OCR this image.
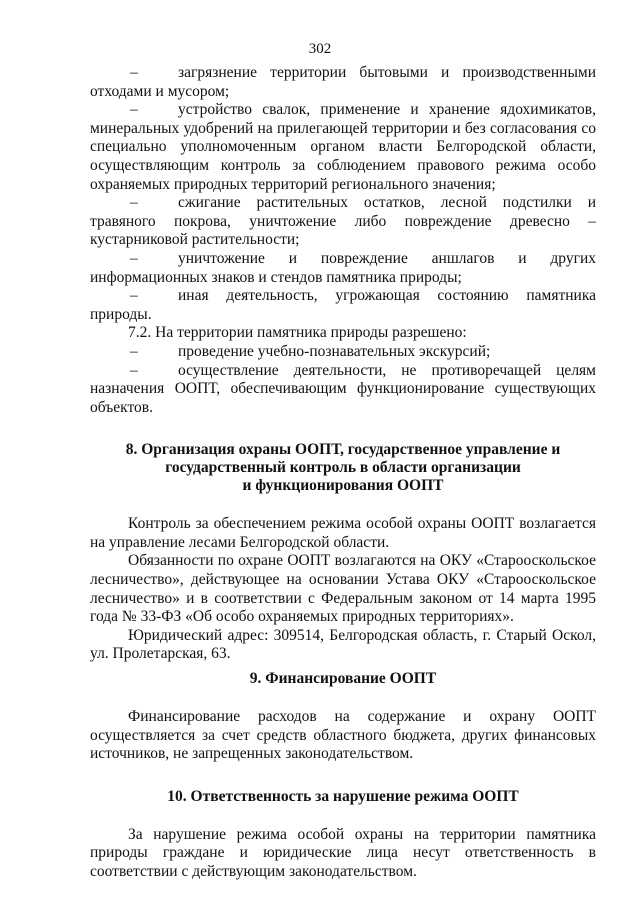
302

–	загрязнение территории бытовыми и производственными отходами и мусором;

–	устройство свалок, применение и хранение ядохимикатов, минеральных удобрений на прилегающей территории и без согласования со специально уполномоченным органом власти Белгородской области, осуществляющим контроль за соблюдением правового режима особо охраняемых природных территорий регионального значения;

–	сжигание растительных остатков, лесной подстилки и травяного покрова, уничтожение либо повреждение древесно – кустарниковой растительности;

–	уничтожение и повреждение аншлагов и других информационных знаков и стендов памятника природы;

–	иная деятельность, угрожающая состоянию памятника природы.

7.2. На территории памятника природы разрешено:

–	проведение учебно-познавательных экскурсий;

–	осуществление деятельности, не противоречащей целям назначения ООПТ, обеспечивающим функционирование существующих объектов.

8. Организация охраны ООПТ, государственное управление и
государственный контроль в области организации
и функционирования ООПТ

Контроль за обеспечением режима особой охраны ООПТ возлагается на управление лесами Белгородской области.

Обязанности по охране ООПТ возлагаются на ОКУ «Старооскольское лесничество», действующее на основании Устава ОКУ «Старооскольское лесничество» и в соответствии с Федеральным законом от 14 марта 1995 года № 33-ФЗ «Об особо охраняемых природных территориях».

Юридический адрес: 309514, Белгородская область, г. Старый Оскол, ул. Пролетарская, 63.

9. Финансирование ООПТ

Финансирование расходов на содержание и охрану ООПТ осуществляется за счет средств областного бюджета, других финансовых источников, не запрещенных законодательством.

10. Ответственность за нарушение режима ООПТ

За нарушение режима особой охраны на территории памятника природы граждане и юридические лица несут ответственность в соответствии с действующим законодательством.
